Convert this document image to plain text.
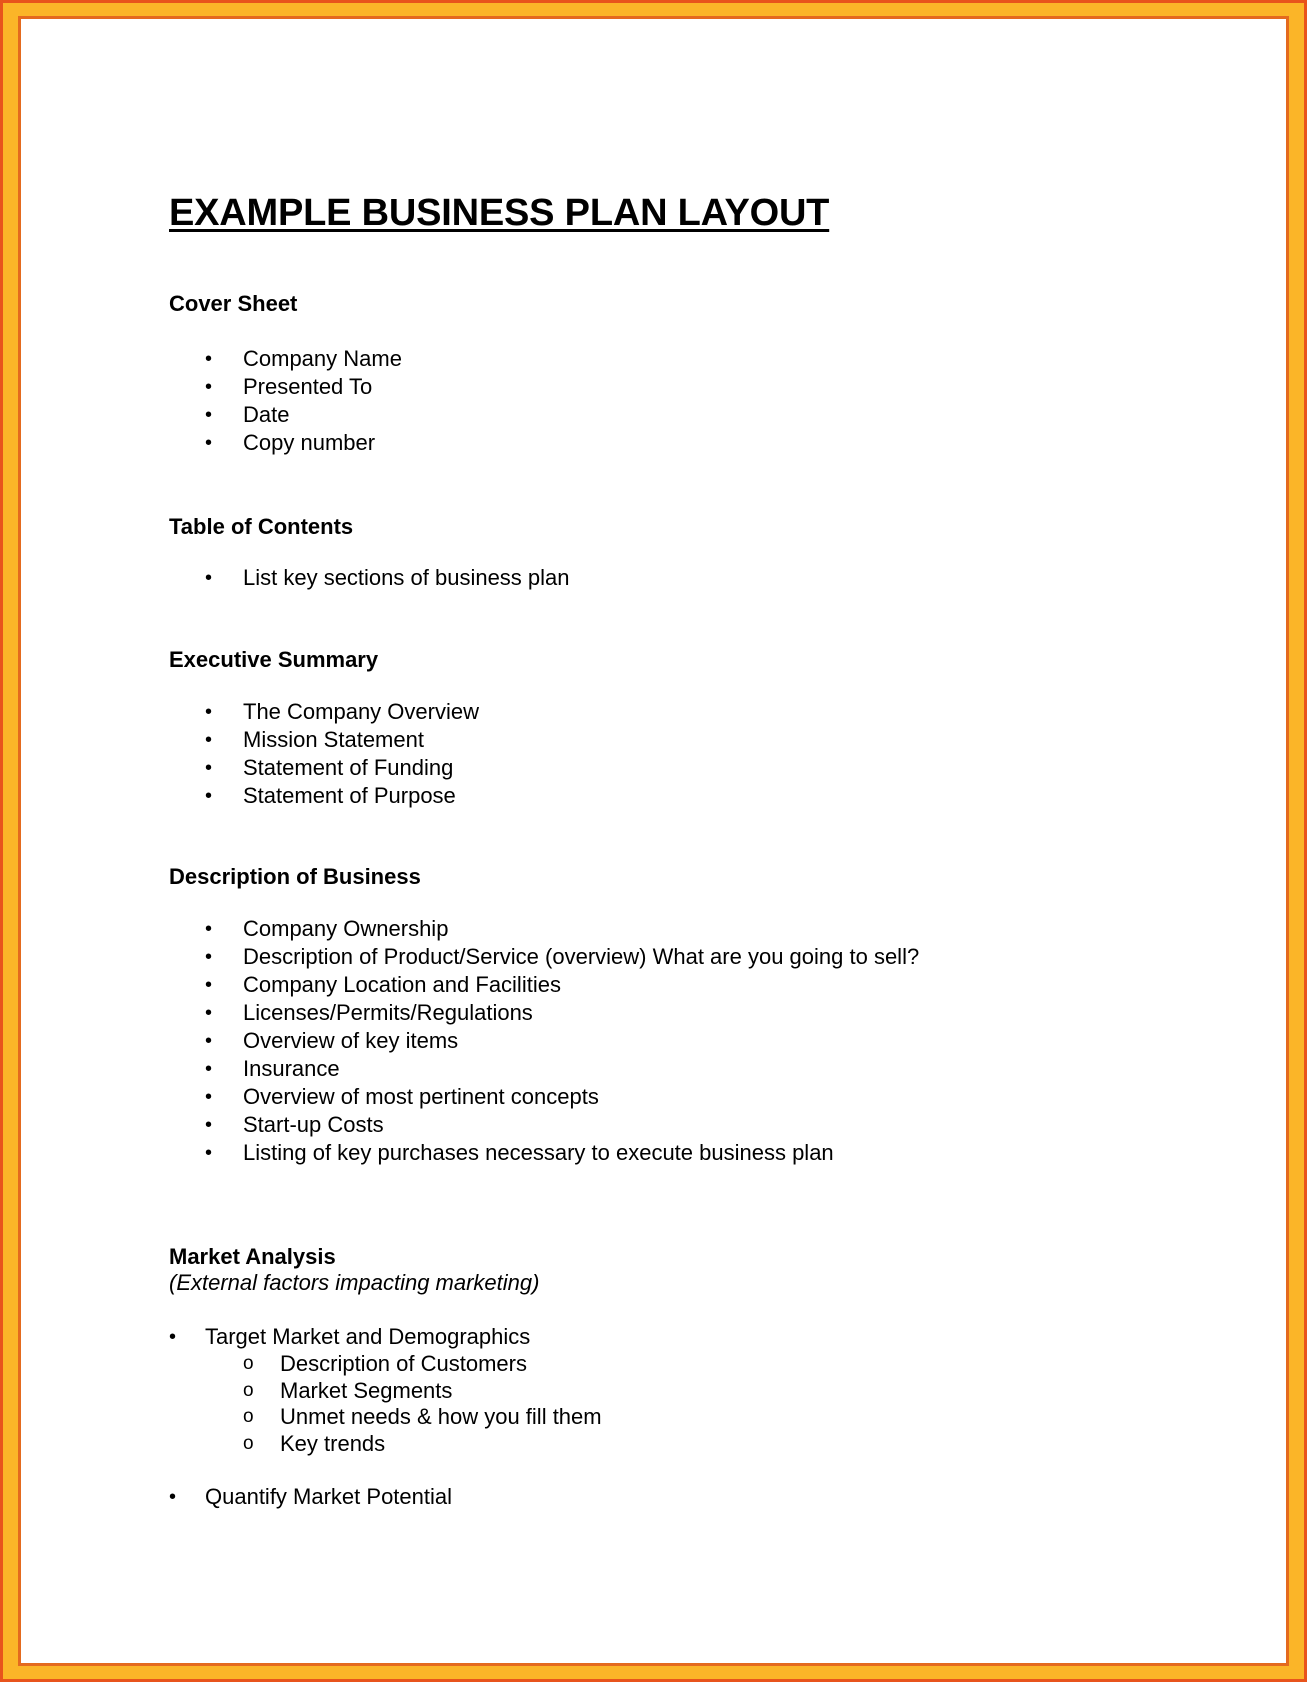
EXAMPLE BUSINESS PLAN LAYOUT
Cover Sheet
• Company Name
• Presented To
• Date
• Copy number
Table of Contents
• List key sections of business plan
Executive Summary
• The Company Overview
• Mission Statement
• Statement of Funding
• Statement of Purpose
Description of Business
• Company Ownership
• Description of Product/Service (overview) What are you going to sell?
• Company Location and Facilities
• Licenses/Permits/Regulations
• Overview of key items
• Insurance
• Overview of most pertinent concepts
• Start-up Costs
• Listing of key purchases necessary to execute business plan
Market Analysis

(External factors impacting marketing)

• Target Market and Demographics
o Description of Customers
o Market Segments
o Unmet needs & how you fill them
o Key trends
• Quantify Market Potential
